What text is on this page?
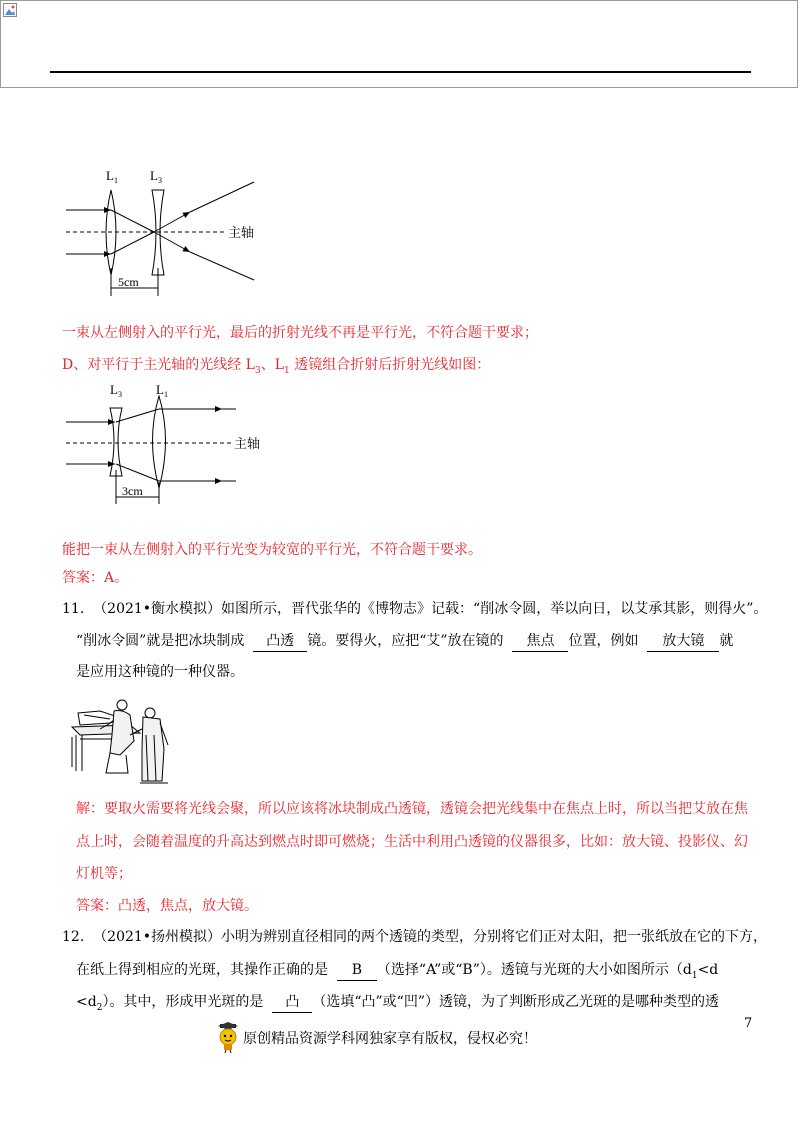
5cm
$L_1$ $L_3$
主轴
一束从左侧射入的平行光，最后的折射光线不再是平行光，不符合题干要求；
D、对平行于主光轴的光线经 $L_3$、$L_1$ 透镜组合折射后折射光线如图：
3cm
$L_3$	$L_1$
主轴
能把一束从左侧射入的平行光变为较宽的平行光，不符合题干要求。
答案：A。
11. （2021•衡水模拟）如图所示，晋代张华的《博物志》记载：“削冰令圆，举以向日，以艾承其影，则得火”。
“削冰令圆”就是把冰块制成 凸透 镜。要得火，应把“艾”放在镜的 焦点 位置，例如 放大镜 就
是应用这种镜的一种仪器。
解：要取火需要将光线会聚，所以应该将冰块制成凸透镜，透镜会把光线集中在焦点上时，所以当把艾放在焦
点上时，会随着温度的升高达到燃点时即可燃烧；生活中利用凸透镜的仪器很多，比如：放大镜、投影仪、幻
灯机等；
答案：凸透，焦点，放大镜。
12. （2021•扬州模拟）小明为辨别直径相同的两个透镜的类型，分别将它们正对太阳，把一张纸放在它的下方，
在纸上得到相应的光斑，其操作正确的是 B （选择“A”或“B”）。透镜与光斑的大小如图所示（$d_1<d$
$<d_2$）。其中，形成甲光斑的是 凸 （选填“凸”或“凹”）透镜，为了判断形成乙光斑的是哪种类型的透
7
原创精品资源学科网独家享有版权，侵权必究！
